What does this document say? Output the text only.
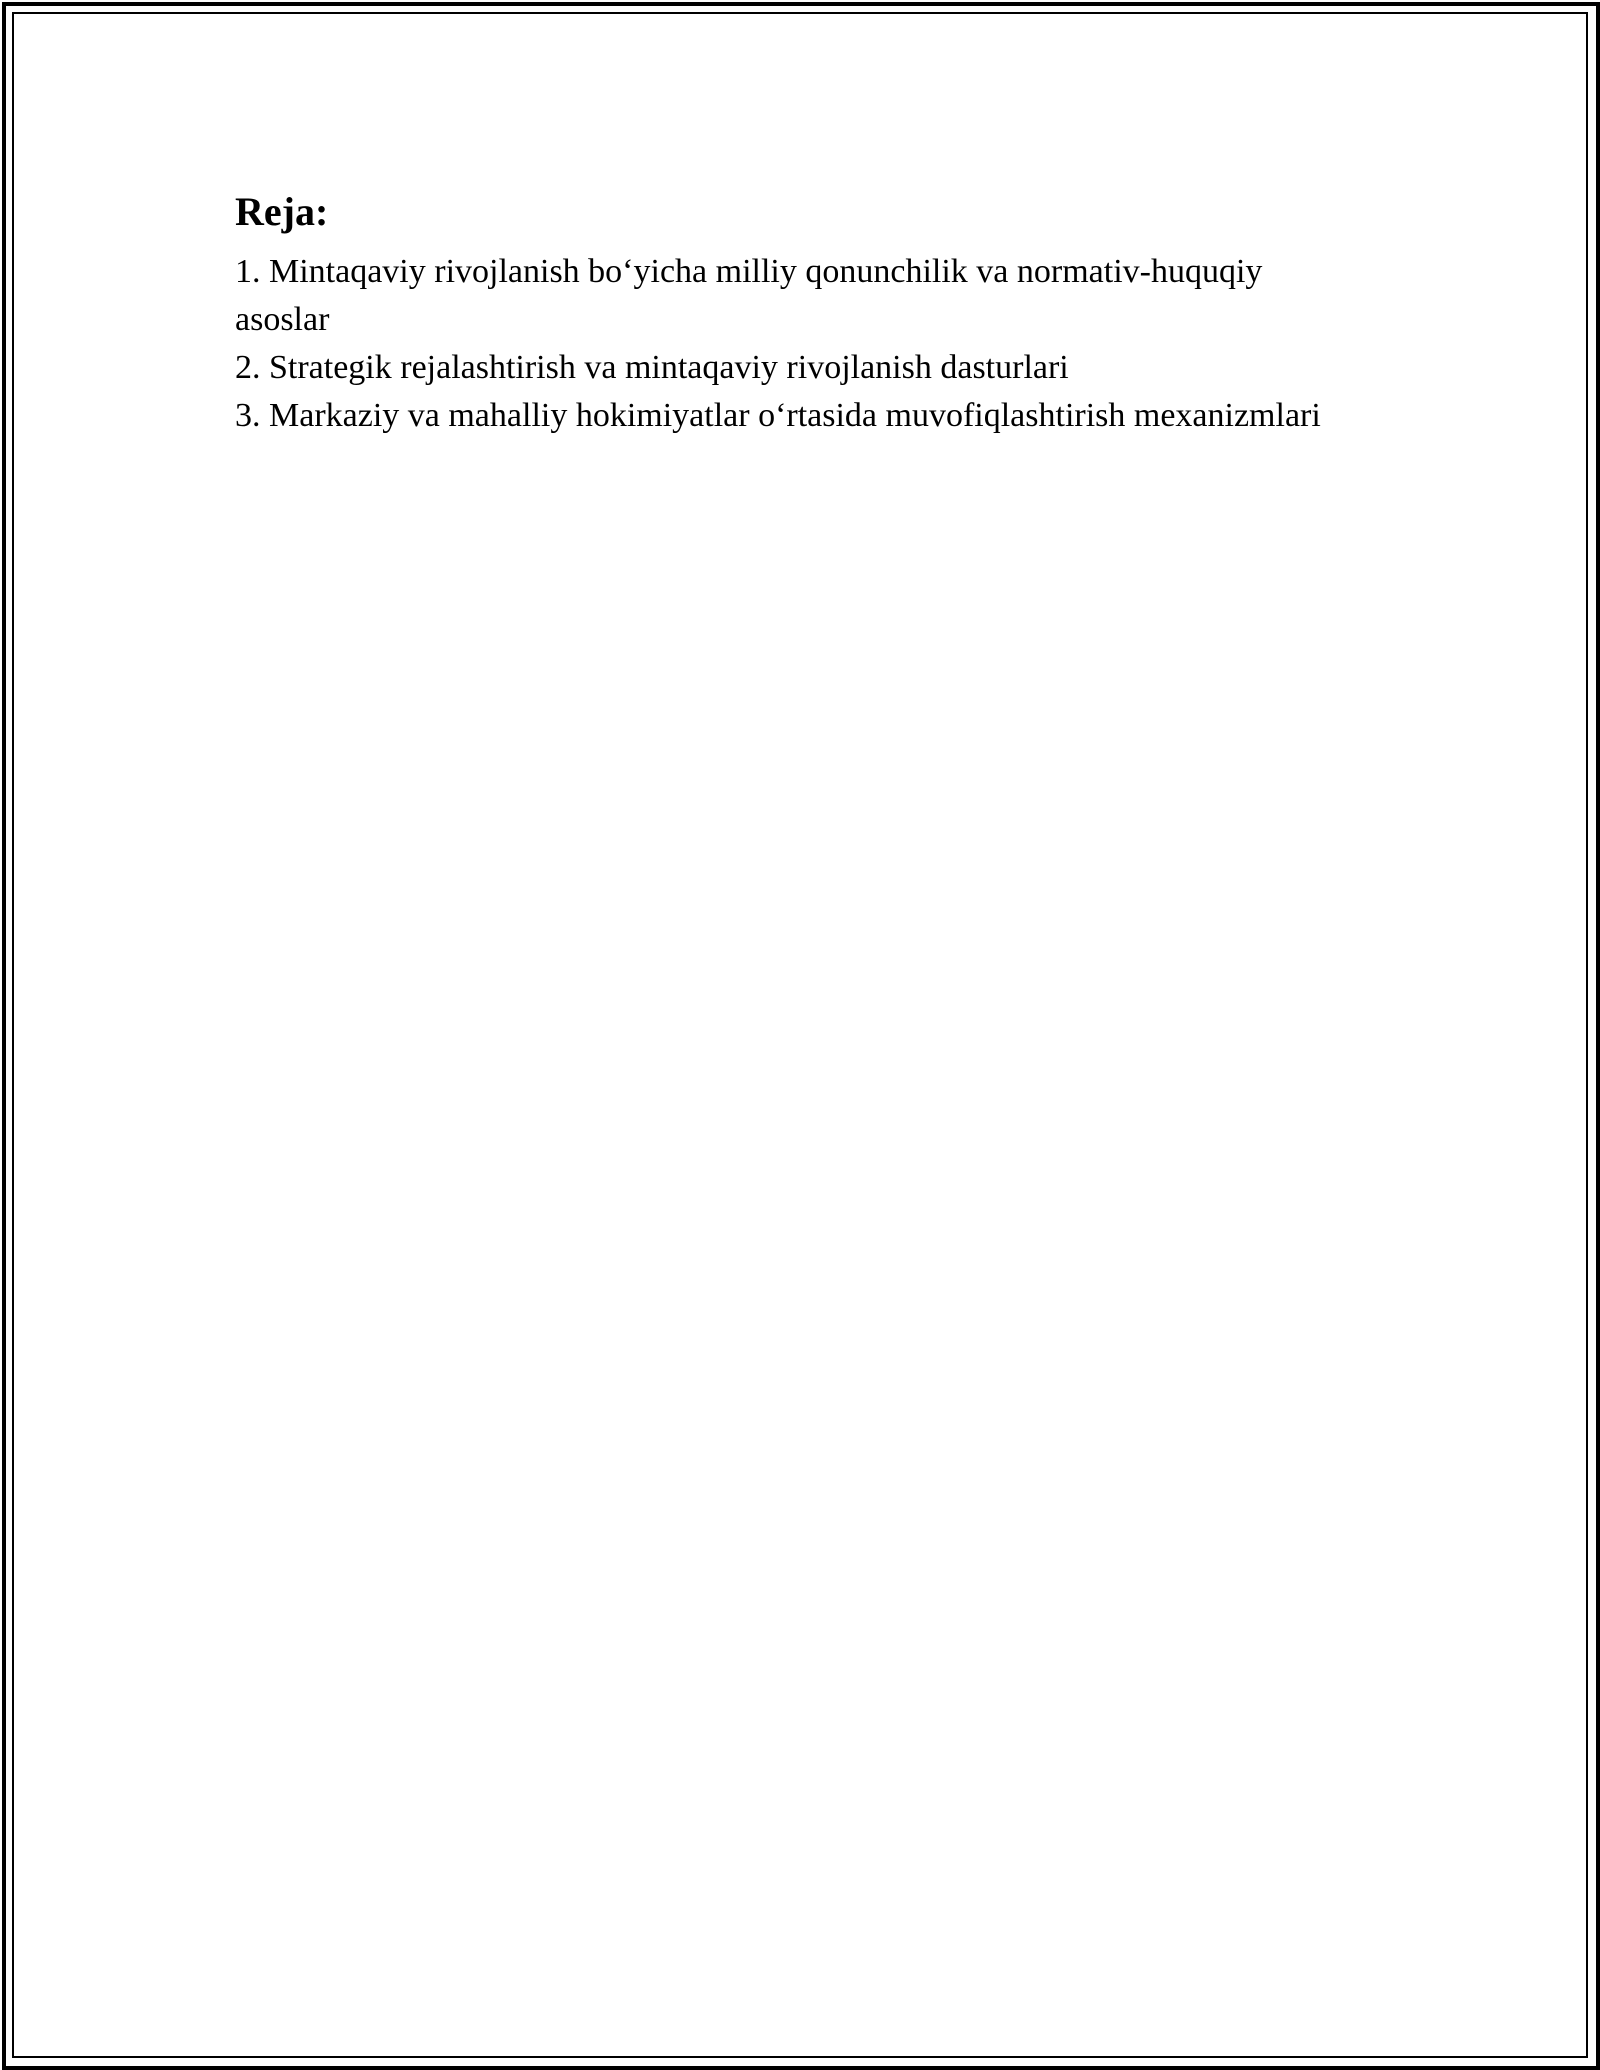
Reja:
1. Mintaqaviy rivojlanish bo‘yicha milliy qonunchilik va normativ-huquqiy asoslar
2. Strategik rejalashtirish va mintaqaviy rivojlanish dasturlari
3. Markaziy va mahalliy hokimiyatlar o‘rtasida muvofiqlashtirish mexanizmlari
